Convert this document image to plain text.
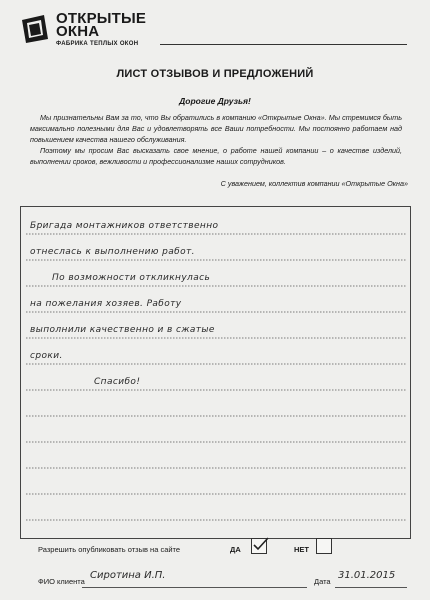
ОТКРЫТЫЕ
ОКНА
ФАБРИКА ТЕПЛЫХ ОКОН
ЛИСТ ОТЗЫВОВ И ПРЕДЛОЖЕНИЙ
Дорогие Друзья!
Мы признательны Вам за то, что Вы обратились в компанию «Открытые Окна». Мы стремимся быть максимально полезными для Вас и удовлетворять все Ваши потребности. Мы постоянно работаем над повышением качества нашего обслуживания.
Поэтому мы просим Вас высказать свое мнение, о работе нашей компании – о качестве изделий, выполнении сроков, вежливости и профессионализме наших сотрудников.
С уважением, коллектив компании «Открытые Окна»
Бригада монтажников ответственно
отнеслась к выполнению работ.
По возможности откликнулась
на пожелания хозяев. Работу
выполнили качественно и в сжатые
сроки.
Спасибо!
Разрешить опубликовать отзыв на сайте	ДА	НЕТ
ФИО клиента
Сиротина И.П.
Дата
31.01.2015
